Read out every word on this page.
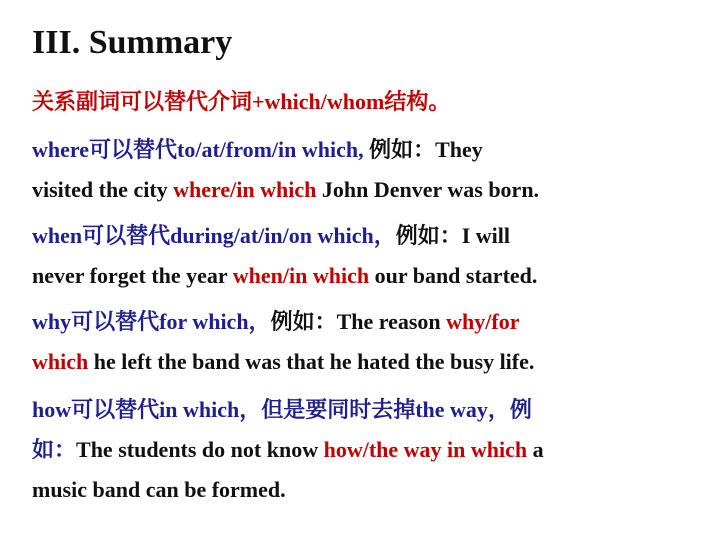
III. Summary
关系副词可以替代介词+which/whom结构。
where可以替代to/at/from/in which, 例如：They
visited the city where/in which John Denver was born.
when可以替代during/at/in/on which，例如：I will
never forget the year when/in which our band started.
why可以替代for which，例如：The reason why/for
which he left the band was that he hated the busy life.
how可以替代in which，但是要同时去掉the way，例
如：The students do not know how/the way in which a
music band can be formed.
